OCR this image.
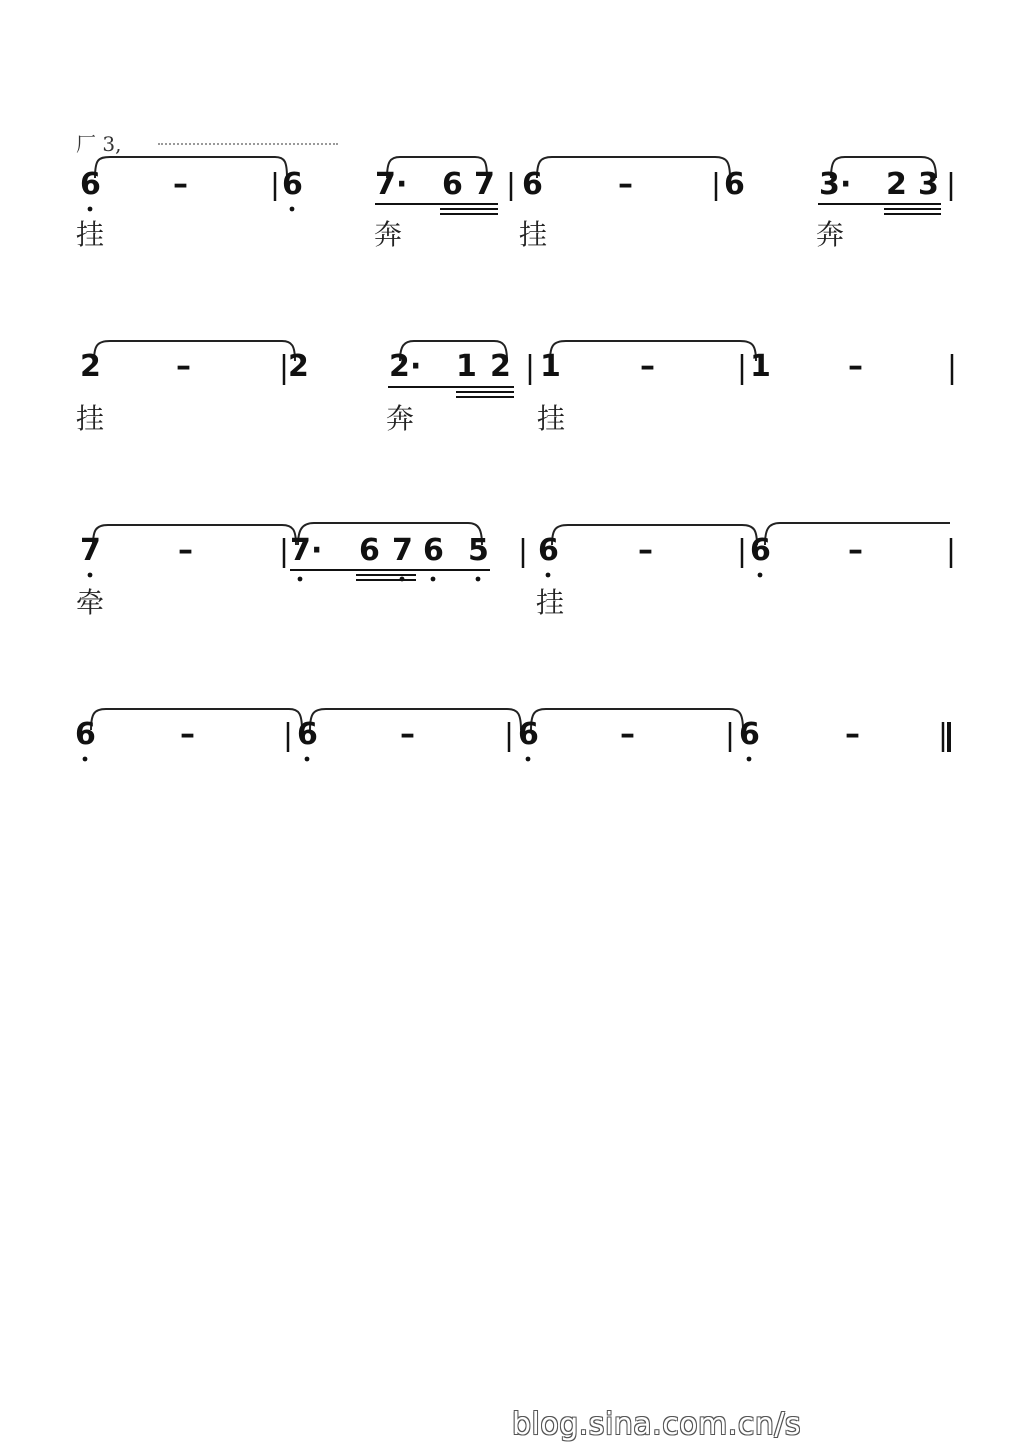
厂 3,
6 –	6 7 · 6 7 6	–	6 3 · 2 3
2	–	2	2 · 1 2 1	–	1	–
7	–	7 · 6 7 6 5 6	–	6	–
6	–	6	–	6	–	6	–
挂	奔	挂	奔
挂	奔	挂
牵	挂
blog.sina.com.cn/s
